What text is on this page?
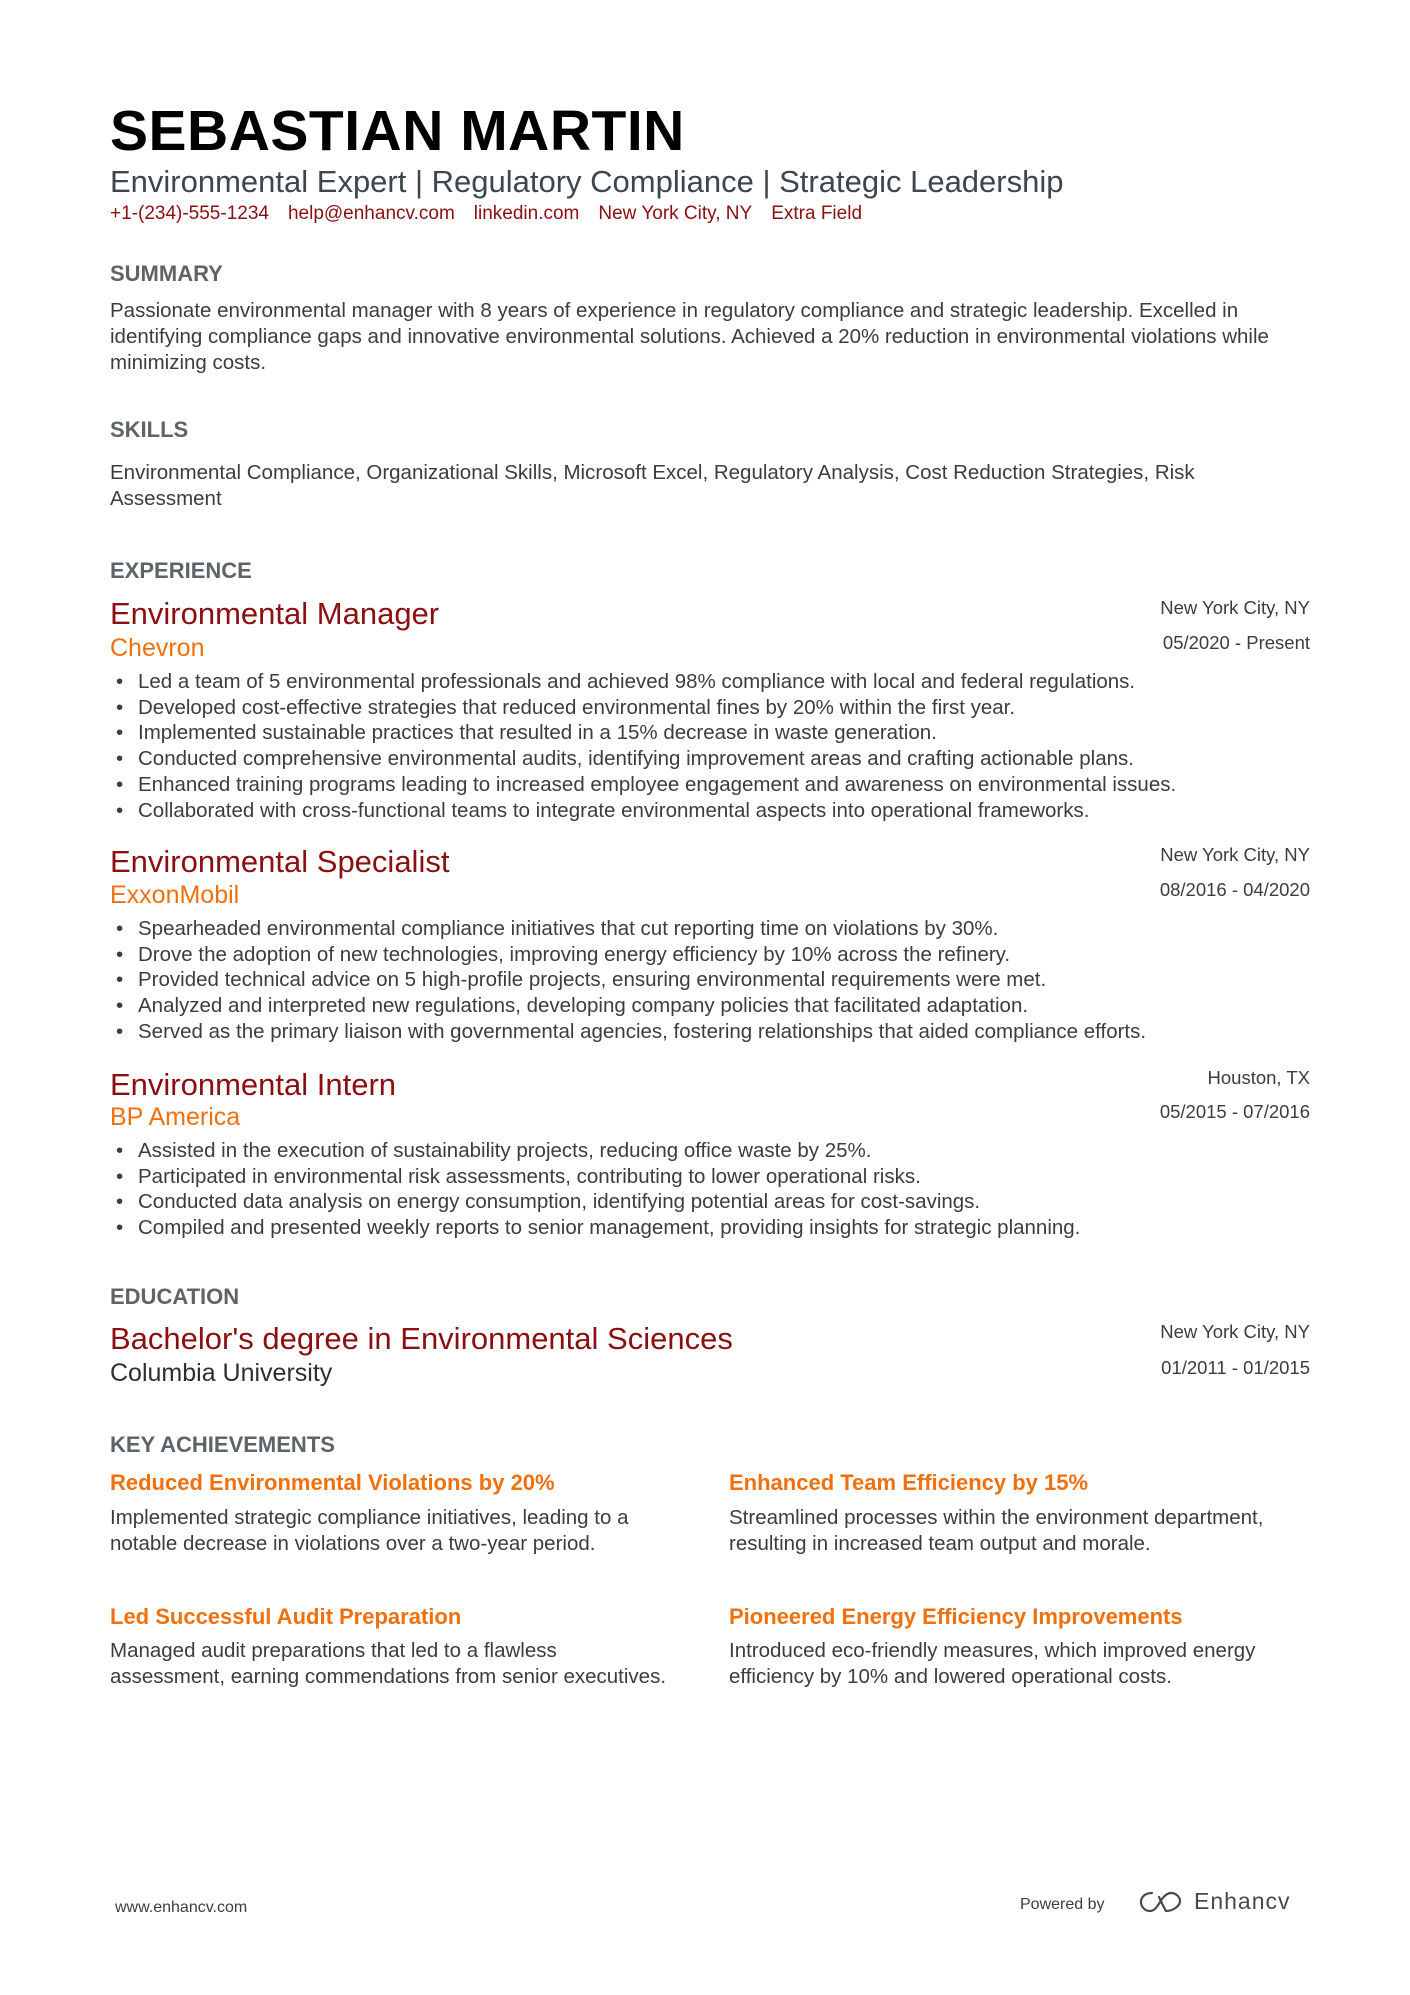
SEBASTIAN MARTIN
Environmental Expert | Regulatory Compliance | Strategic Leadership
+1-(234)-555-1234 help@enhancv.com linkedin.com New York City, NY Extra Field
SUMMARY
Passionate environmental manager with 8 years of experience in regulatory compliance and strategic leadership. Excelled in identifying compliance gaps and innovative environmental solutions. Achieved a 20% reduction in environmental violations while minimizing costs.
SKILLS
Environmental Compliance, Organizational Skills, Microsoft Excel, Regulatory Analysis, Cost Reduction Strategies, Risk Assessment
EXPERIENCE
Environmental Manager
Chevron
New York City, NY
05/2020 - Present
• Led a team of 5 environmental professionals and achieved 98% compliance with local and federal regulations.
• Developed cost-effective strategies that reduced environmental fines by 20% within the first year.
• Implemented sustainable practices that resulted in a 15% decrease in waste generation.
• Conducted comprehensive environmental audits, identifying improvement areas and crafting actionable plans.
• Enhanced training programs leading to increased employee engagement and awareness on environmental issues.
• Collaborated with cross-functional teams to integrate environmental aspects into operational frameworks.
Environmental Specialist
ExxonMobil
New York City, NY
08/2016 - 04/2020
• Spearheaded environmental compliance initiatives that cut reporting time on violations by 30%.
• Drove the adoption of new technologies, improving energy efficiency by 10% across the refinery.
• Provided technical advice on 5 high-profile projects, ensuring environmental requirements were met.
• Analyzed and interpreted new regulations, developing company policies that facilitated adaptation.
• Served as the primary liaison with governmental agencies, fostering relationships that aided compliance efforts.
Environmental Intern
BP America
Houston, TX
05/2015 - 07/2016
• Assisted in the execution of sustainability projects, reducing office waste by 25%.
• Participated in environmental risk assessments, contributing to lower operational risks.
• Conducted data analysis on energy consumption, identifying potential areas for cost-savings.
• Compiled and presented weekly reports to senior management, providing insights for strategic planning.
EDUCATION
Bachelor's degree in Environmental Sciences
Columbia University
New York City, NY
01/2011 - 01/2015
KEY ACHIEVEMENTS
Reduced Environmental Violations by 20%
Implemented strategic compliance initiatives, leading to a notable decrease in violations over a two-year period.
Enhanced Team Efficiency by 15%
Streamlined processes within the environment department, resulting in increased team output and morale.
Led Successful Audit Preparation
Managed audit preparations that led to a flawless assessment, earning commendations from senior executives.
Pioneered Energy Efficiency Improvements
Introduced eco-friendly measures, which improved energy efficiency by 10% and lowered operational costs.
www.enhancv.com	Powered by	Enhancv
